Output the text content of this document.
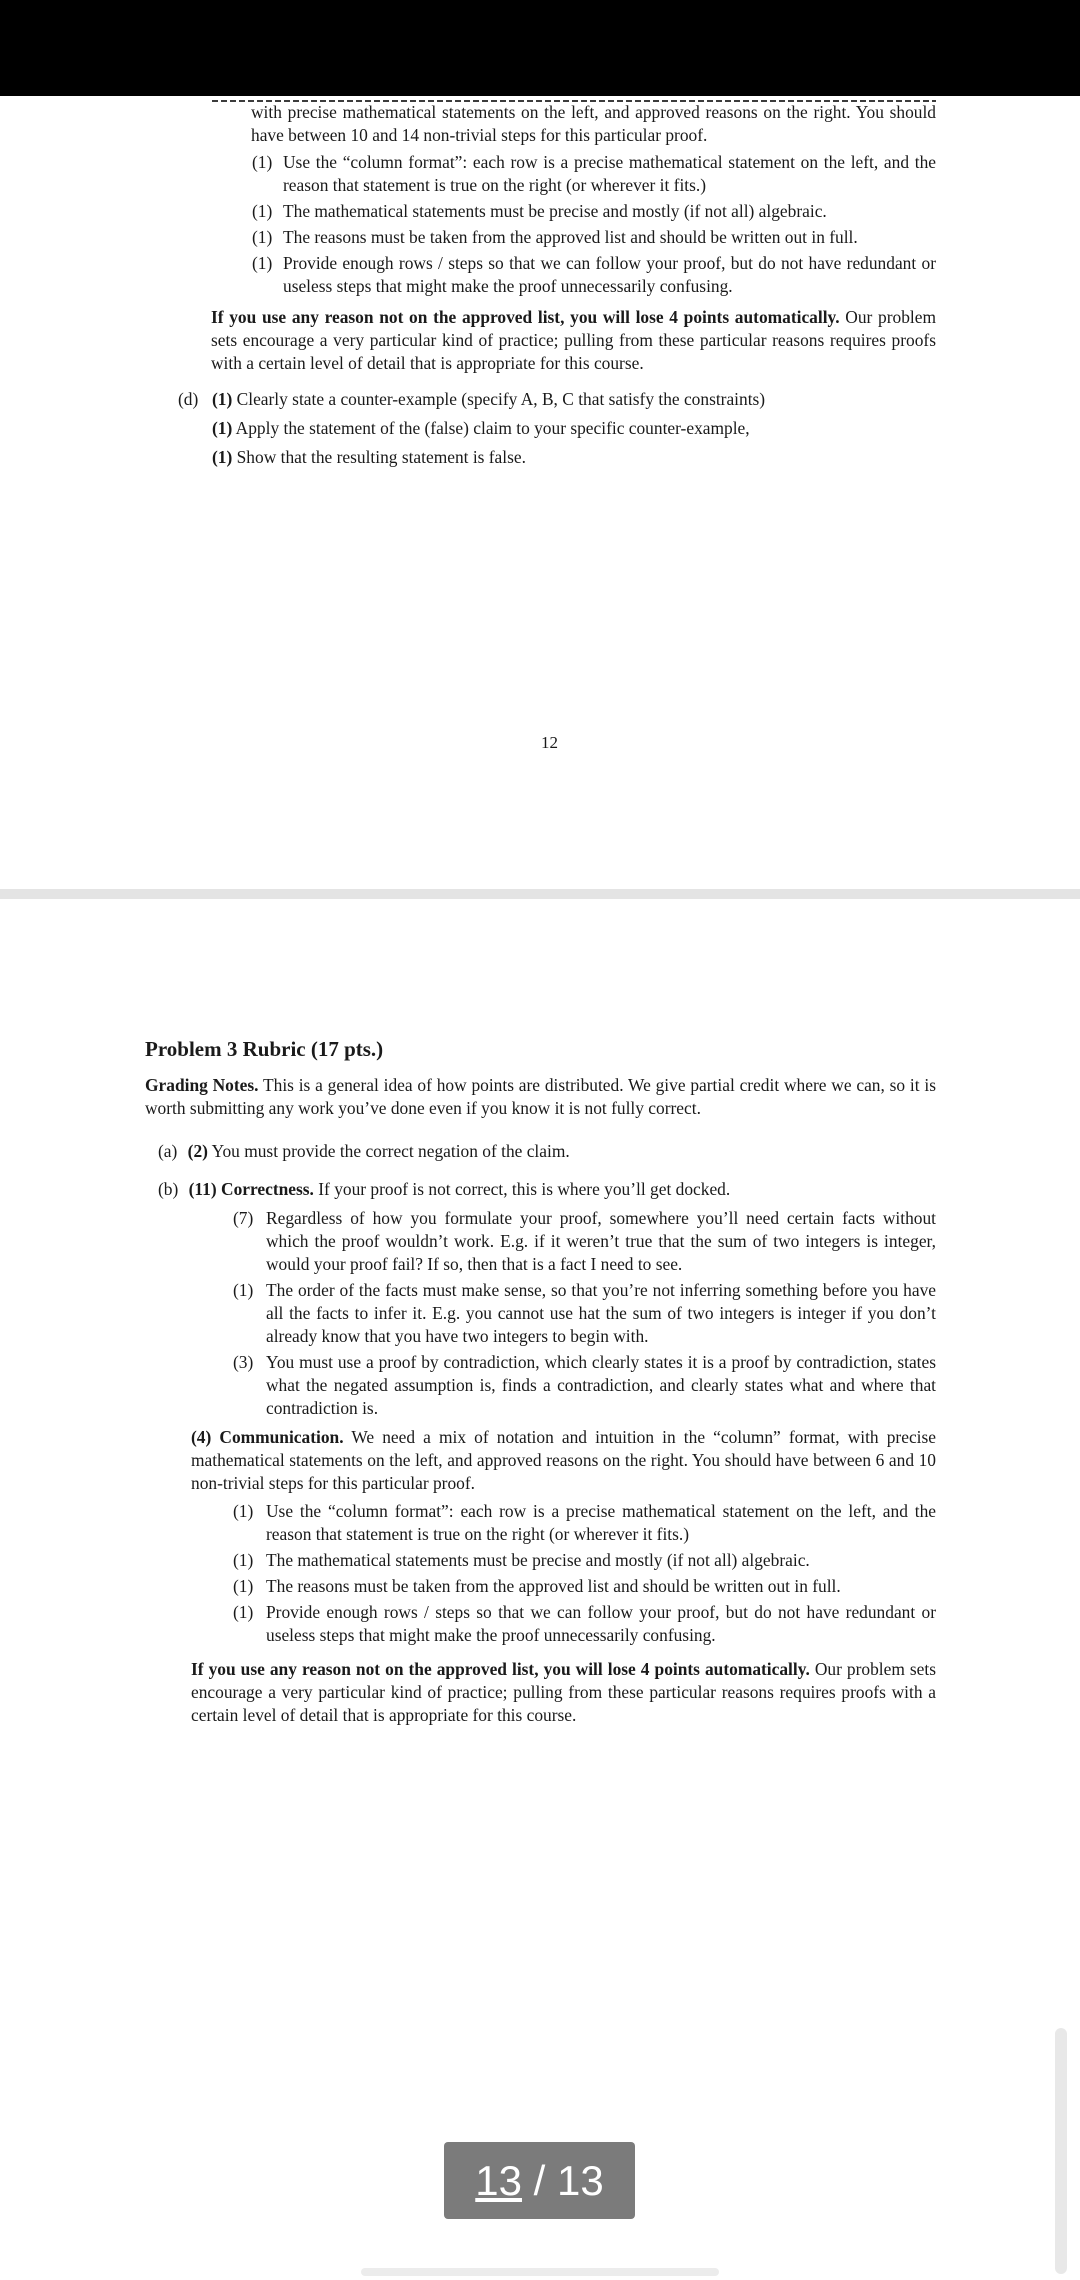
with precise mathematical statements on the left, and approved reasons on the right. You should have between 10 and 14 non-trivial steps for this particular proof.
(1) Use the “column format”: each row is a precise mathematical statement on the left, and the reason that statement is true on the right (or wherever it fits.)
(1) The mathematical statements must be precise and mostly (if not all) algebraic.
(1) The reasons must be taken from the approved list and should be written out in full.
(1) Provide enough rows / steps so that we can follow your proof, but do not have redundant or useless steps that might make the proof unnecessarily confusing.
If you use any reason not on the approved list, you will lose 4 points automatically. Our problem sets encourage a very particular kind of practice; pulling from these particular reasons requires proofs with a certain level of detail that is appropriate for this course.
(d) (1) Clearly state a counter-example (specify A, B, C that satisfy the constraints)
(1) Apply the statement of the (false) claim to your specific counter-example,
(1) Show that the resulting statement is false.
12
Problem 3 Rubric (17 pts.)
Grading Notes. This is a general idea of how points are distributed. We give partial credit where we can, so it is worth submitting any work you’ve done even if you know it is not fully correct.
(a) (2) You must provide the correct negation of the claim.
(b) (11) Correctness. If your proof is not correct, this is where you’ll get docked.
(7) Regardless of how you formulate your proof, somewhere you’ll need certain facts without which the proof wouldn’t work. E.g. if it weren’t true that the sum of two integers is integer, would your proof fail? If so, then that is a fact I need to see.
(1) The order of the facts must make sense, so that you’re not inferring something before you have all the facts to infer it. E.g. you cannot use hat the sum of two integers is integer if you don’t already know that you have two integers to begin with.
(3) You must use a proof by contradiction, which clearly states it is a proof by contradiction, states what the negated assumption is, finds a contradiction, and clearly states what and where that contradiction is.
(4) Communication. We need a mix of notation and intuition in the “column” format, with precise mathematical statements on the left, and approved reasons on the right. You should have between 6 and 10 non-trivial steps for this particular proof.
(1) Use the “column format”: each row is a precise mathematical statement on the left, and the reason that statement is true on the right (or wherever it fits.)
(1) The mathematical statements must be precise and mostly (if not all) algebraic.
(1) The reasons must be taken from the approved list and should be written out in full.
(1) Provide enough rows / steps so that we can follow your proof, but do not have redundant or useless steps that might make the proof unnecessarily confusing.
If you use any reason not on the approved list, you will lose 4 points automatically. Our problem sets encourage a very particular kind of practice; pulling from these particular reasons requires proofs with a certain level of detail that is appropriate for this course.
13 / 13
